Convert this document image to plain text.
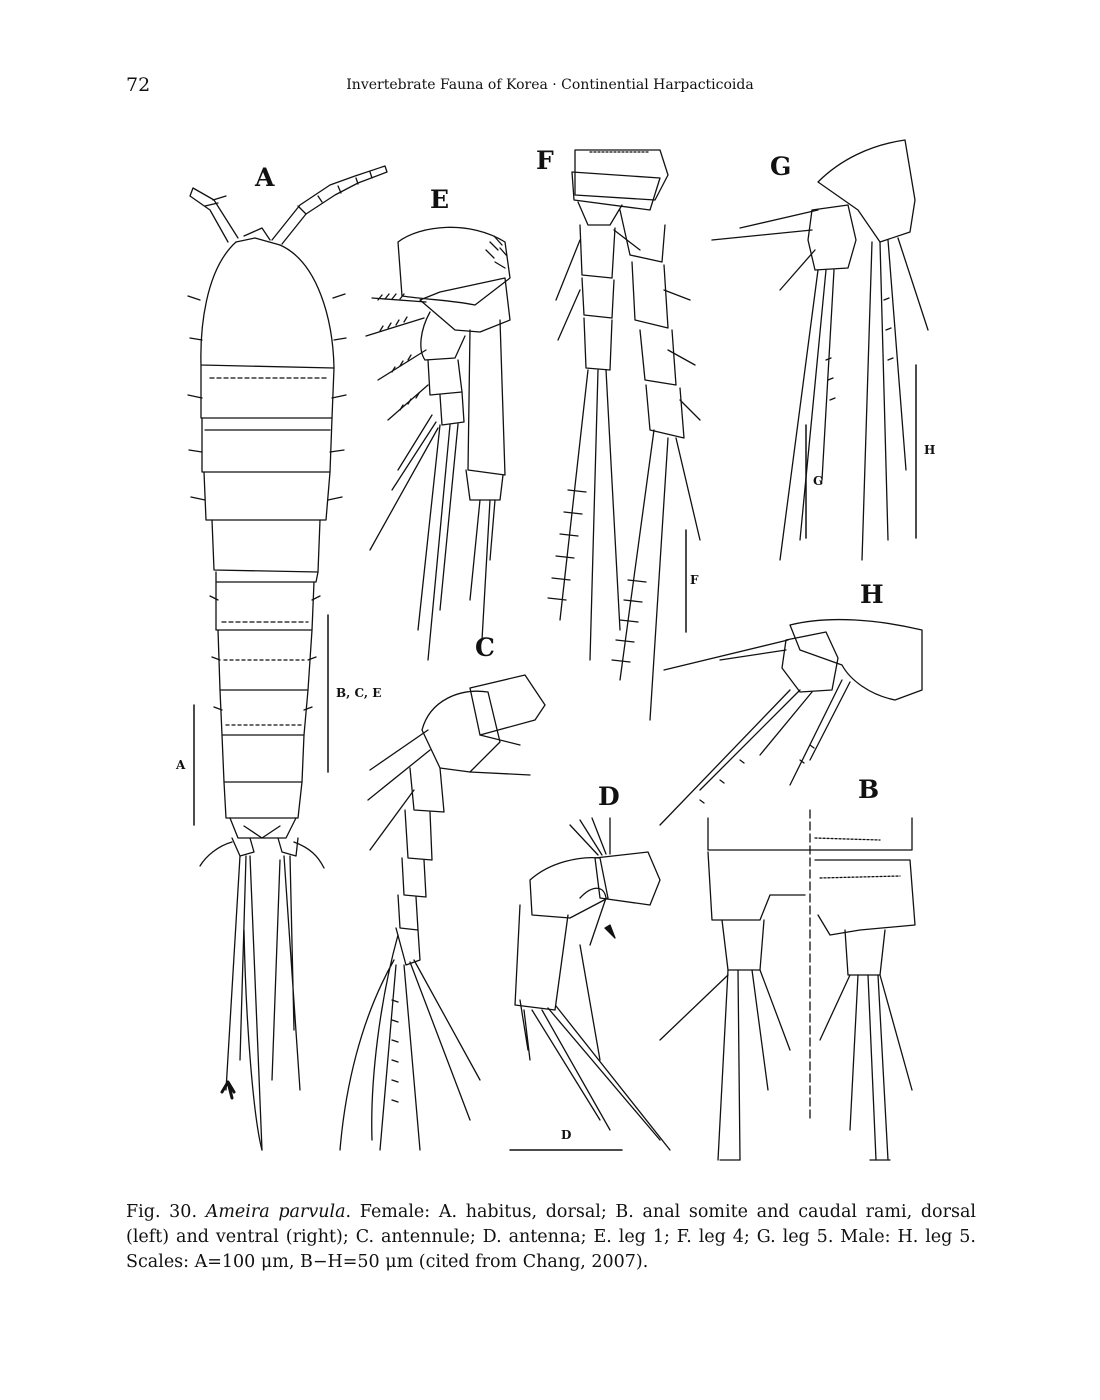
72	Invertebrate Fauna of Korea · Continential Harpacticoida
A
E
F	G
H
C
D	B
A
B, C, E
F
G
H
D
Fig. 30. Ameira parvula. Female: A. habitus, dorsal; B. anal somite and caudal rami, dorsal (left) and ventral (right); C. antennule; D. antenna; E. leg 1; F. leg 4; G. leg 5. Male: H. leg 5. Scales: A=100 μm, B−H=50 μm (cited from Chang, 2007).
